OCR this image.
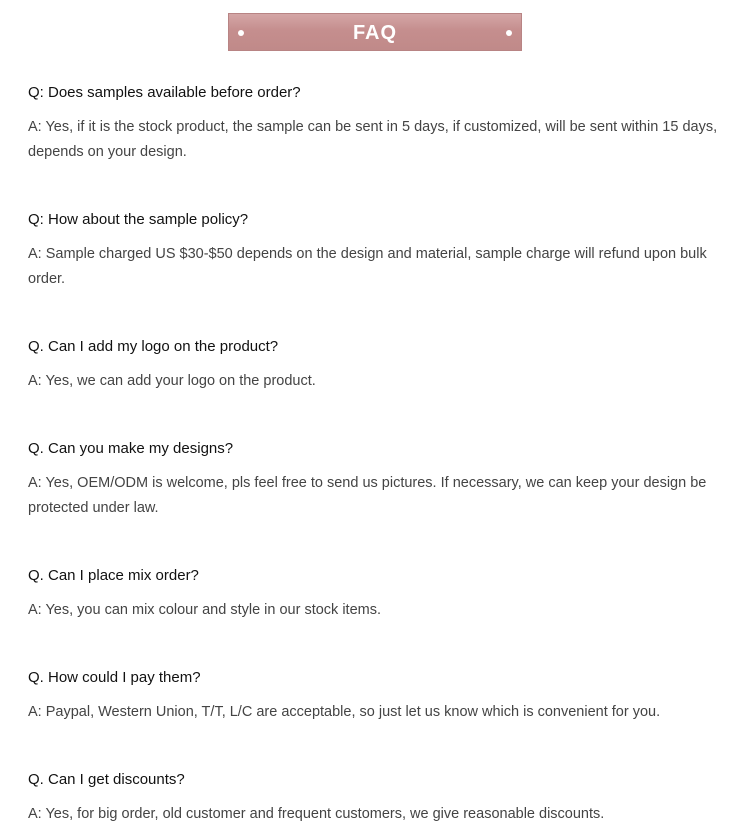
FAQ

Q: Does samples available before order?

A: Yes, if it is the stock product, the sample can be sent in 5 days, if customized, will be sent within 15 days, depends on your design.

Q: How about the sample policy?

A: Sample charged US $30-$50 depends on the design and material, sample charge will refund upon bulk order.

Q. Can I add my logo on the product?

A: Yes, we can add your logo on the product.

Q. Can you make my designs?

A: Yes, OEM/ODM is welcome, pls feel free to send us pictures. If necessary, we can keep your design be protected under law.

Q. Can I place mix order?

A: Yes, you can mix colour and style in our stock items.

Q. How could I pay them?

A: Paypal, Western Union, T/T, L/C are acceptable, so just let us know which is convenient for you.

Q. Can I get discounts?

A: Yes, for big order, old customer and frequent customers, we give reasonable discounts.
